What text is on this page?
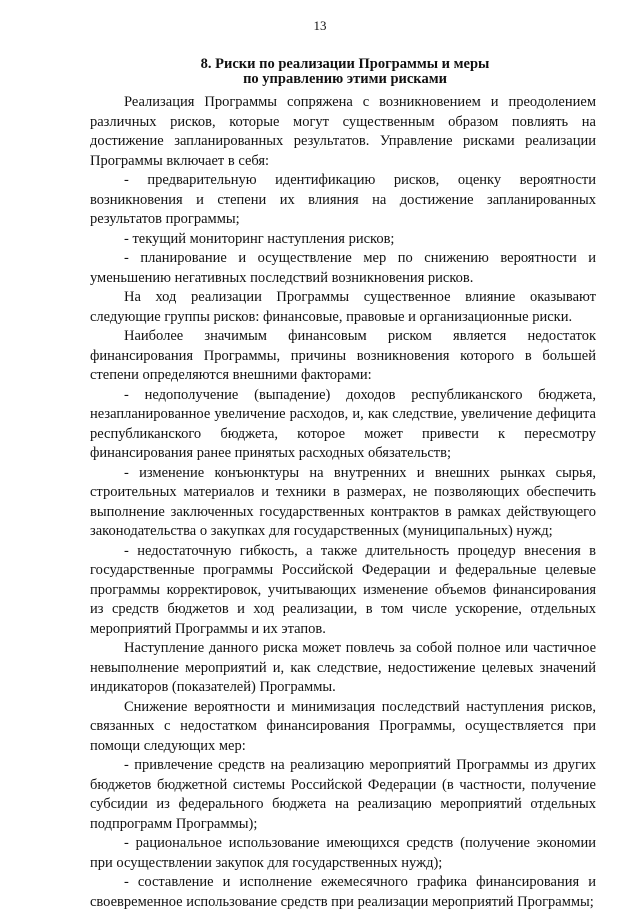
13
8. Риски по реализации Программы и меры
по управлению этими рисками

Реализация Программы сопряжена с возникновением и преодолением различных рисков, которые могут существенным образом повлиять на достижение запланированных результатов. Управление рисками реализации Программы включает в себя:

- предварительную идентификацию рисков, оценку вероятности возникновения и степени их влияния на достижение запланированных результатов программы;

- текущий мониторинг наступления рисков;

- планирование и осуществление мер по снижению вероятности и уменьшению негативных последствий возникновения рисков.

На ход реализации Программы существенное влияние оказывают следующие группы рисков: финансовые, правовые и организационные риски.

Наиболее значимым финансовым риском является недостаток финансирования Программы, причины возникновения которого в большей степени определяются внешними факторами:

- недополучение (выпадение) доходов республиканского бюджета, незапланированное увеличение расходов, и, как следствие, увеличение дефицита республиканского бюджета, которое может привести к пересмотру финансирования ранее принятых расходных обязательств;

- изменение конъюнктуры на внутренних и внешних рынках сырья, строительных материалов и техники в размерах, не позволяющих обеспечить выполнение заключенных государственных контрактов в рамках действующего законодательства о закупках для государственных (муниципальных) нужд;

- недостаточную гибкость, а также длительность процедур внесения в государственные программы Российской Федерации и федеральные целевые программы корректировок, учитывающих изменение объемов финансирования из средств бюджетов и ход реализации, в том числе ускорение, отдельных мероприятий Программы и их этапов.

Наступление данного риска может повлечь за собой полное или частичное невыполнение мероприятий и, как следствие, недостижение целевых значений индикаторов (показателей) Программы.

Снижение вероятности и минимизация последствий наступления рисков, связанных с недостатком финансирования Программы, осуществляется при помощи следующих мер:

- привлечение средств на реализацию мероприятий Программы из других бюджетов бюджетной системы Российской Федерации (в частности, получение субсидии из федерального бюджета на реализацию мероприятий отдельных подпрограмм Программы);

- рациональное использование имеющихся средств (получение экономии при осуществлении закупок для государственных нужд);

- составление и исполнение ежемесячного графика финансирования и своевременное использование средств при реализации мероприятий Программы;
